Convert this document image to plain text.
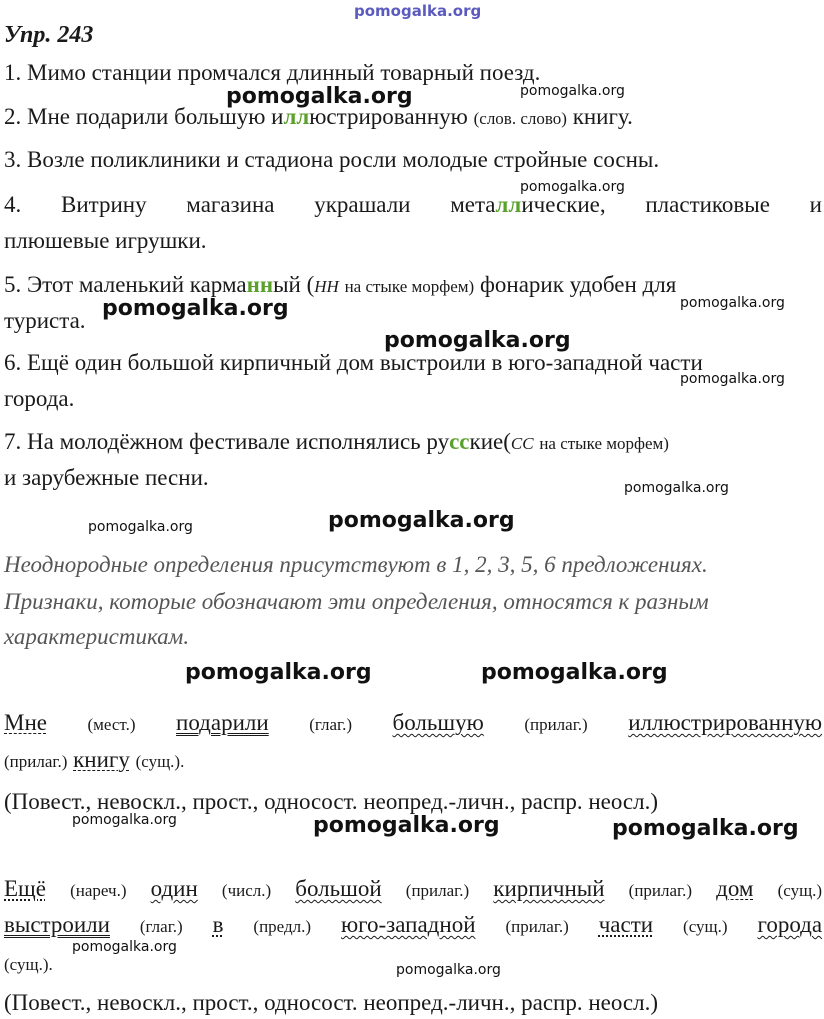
Упр. 243
1. Мимо станции промчался длинный товарный поезд.
2. Мне подарили большую иллюстрированную (слов. слово) книгу.
3. Возле поликлиники и стадиона росли молодые стройные сосны.
4. Витрину магазина украшали металлические, пластиковые и
плюшевые игрушки.
5. Этот маленький карманный (НН на стыке морфем) фонарик удобен для
туриста.
6. Ещё один большой кирпичный дом выстроили в юго-западной части
города.
7. На молодёжном фестивале исполнялись русские(СС на стыке морфем)
и зарубежные песни.
Неоднородные определения присутствуют в 1, 2, 3, 5, 6 предложениях.
Признаки, которые обозначают эти определения, относятся к разным
характеристикам.
Мне (мест.) подарили (глаг.) большую (прилаг.) иллюстрированную
(прилаг.) книгу (сущ.).
(Повест., невоскл., прост., односост. неопред.-личн., распр. неосл.)
Ещё (нареч.) один (числ.) большой (прилаг.) кирпичный (прилаг.) дом (сущ.)
выстроили (глаг.) в (предл.) юго-западной (прилаг.) части (сущ.) города
(сущ.).
(Повест., невоскл., прост., односост. неопред.-личн., распр. неосл.)
pomogalka.org
pomogalka.org	pomogalka.org
pomogalka.org
pomogalka.org	pomogalka.org
pomogalka.org
pomogalka.org
pomogalka.org
pomogalka.org
pomogalka.org
pomogalka.org	pomogalka.org
pomogalka.org	pomogalka.org	pomogalka.org
pomogalka.org
pomogalka.org
